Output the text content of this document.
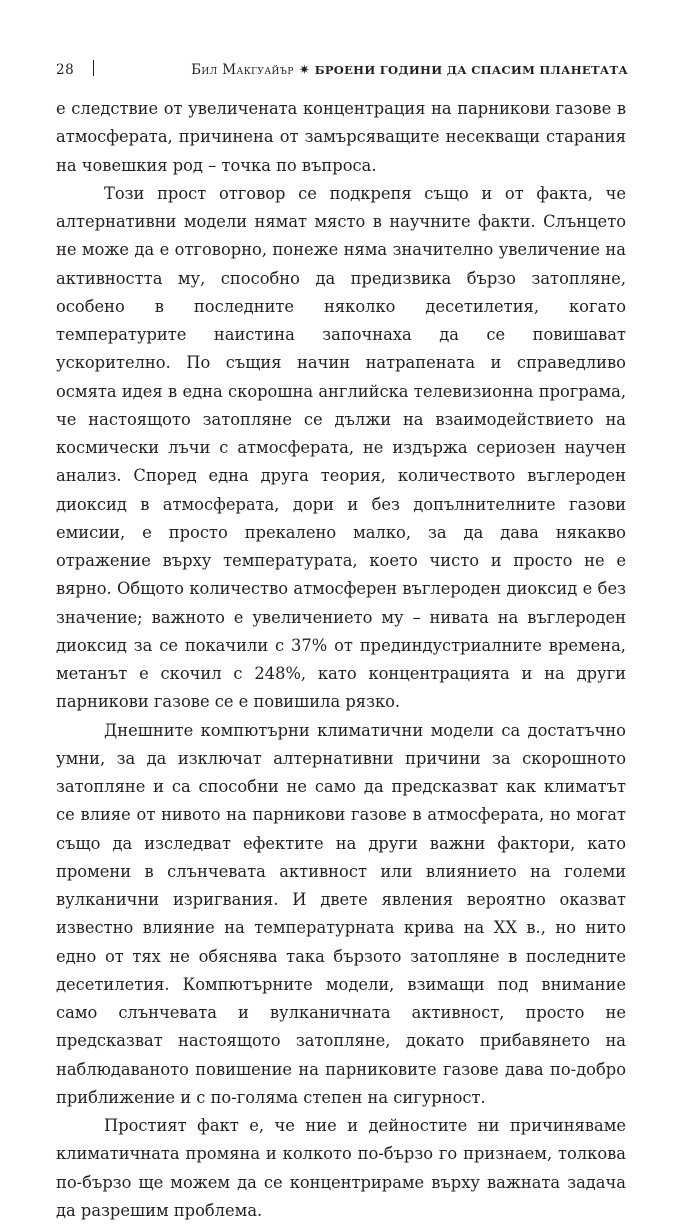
28	Бил Макгуайър ✷ БРОЕНИ ГОДИНИ ДА СПАСИМ ПЛАНЕТАТА

е следствие от увеличената концентрация на парникови газове в атмосферата, причинена от замърсяващите несекващи старания на човешкия род – точка по въпроса.

Този прост отговор се подкрепя също и от факта, че алтернативни модели нямат място в научните факти. Слънцето не може да е отговорно, понеже няма значително увеличение на активността му, способно да предизвика бързо затопляне, особено в последните няколко десетилетия, когато температурите наистина започнаха да се повишават ускорително. По същия начин натрапената и справедливо осмята идея в една скорошна английска телевизионна програма, че настоящото затопляне се дължи на взаимодействието на космически лъчи с атмосферата, не издържа сериозен научен анализ. Според една друга теория, количеството въглероден диоксид в атмосферата, дори и без допълнителните газови емисии, е просто прекалено малко, за да дава някакво отражение върху температурата, което чисто и просто не е вярно. Общото количество атмосферен въглероден диоксид е без значение; важното е увеличението му – нивата на въглероден диоксид за се покачили с 37% от прединдустриалните времена, метанът е скочил с 248%, като концентрацията и на други парникови газове се е повишила рязко.

Днешните компютърни климатични модели са достатъчно умни, за да изключат алтернативни причини за скорошното затопляне и са способни не само да предсказват как климатът се влияе от нивото на парникови газове в атмосферата, но могат също да изследват ефектите на други важни фактори, като промени в слънчевата активност или влиянието на големи вулканични изригвания. И двете явления вероятно оказват известно влияние на температурната крива на XX в., но нито едно от тях не обяснява така бързото затопляне в последните десетилетия. Компютърните модели, взимащи под внимание само слънчевата и вулканичната активност, просто не предсказват настоящото затопляне, докато прибавянето на наблюдаваното повишение на парниковите газове дава по-добро приближение и с по-голяма степен на сигурност.

Простият факт е, че ние и дейностите ни причиняваме климатичната промяна и колкото по-бързо го признаем, толкова по-бързо ще можем да се концентрираме върху важната задача да разрешим проблема.
